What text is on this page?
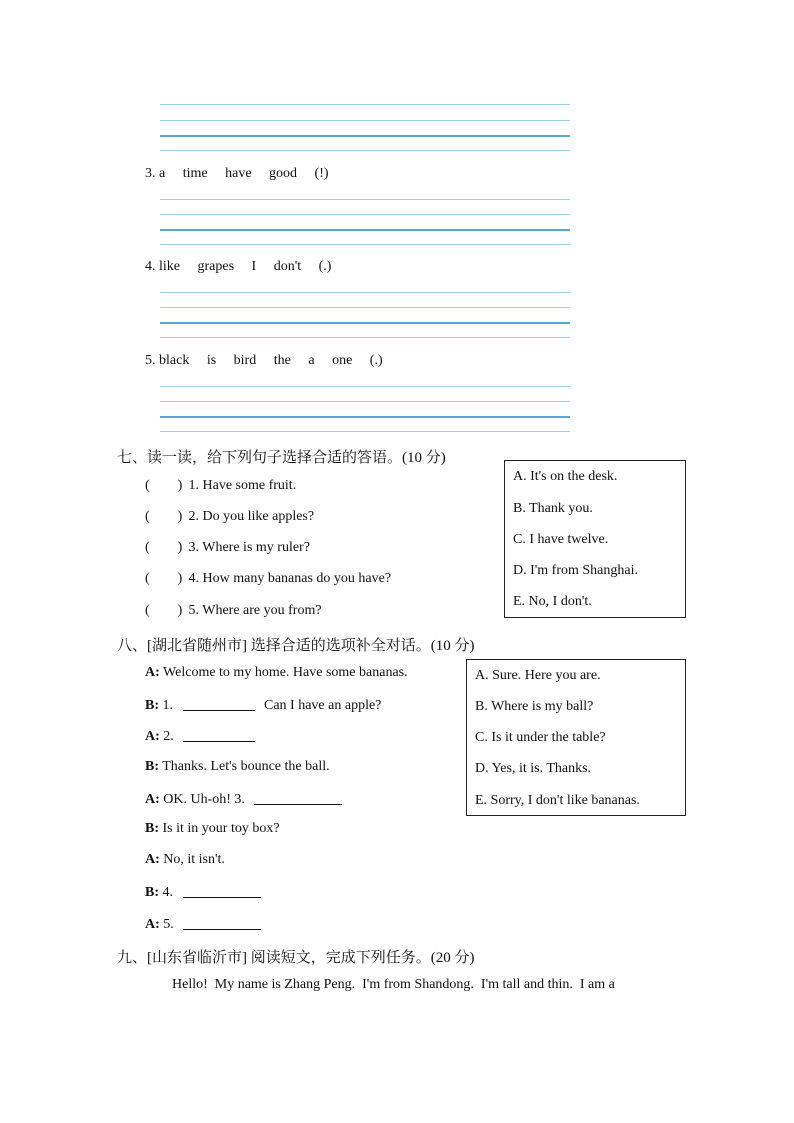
3. a time have good (!)
4. like grapes I don't (.)
5. black is bird the a one (.)
七、读一读，给下列句子选择合适的答语。(10 分)
( ) 1. Have some fruit.
( ) 2. Do you like apples?
( ) 3. Where is my ruler?
( ) 4. How many bananas do you have?
( ) 5. Where are you from?
A. It's on the desk.
B. Thank you.
C. I have twelve.
D. I'm from Shanghai.
E. No, I don't.
八、[湖北省随州市] 选择合适的选项补全对话。(10 分)
A: Welcome to my home. Have some bananas.
B: 1.	Can I have an apple?
A: 2.
B: Thanks. Let's bounce the ball.
A: OK. Uh-oh! 3.
B: Is it in your toy box?
A: No, it isn't.
B: 4.
A: 5.
A. Sure. Here you are.
B. Where is my ball?
C. Is it under the table?
D. Yes, it is. Thanks.
E. Sorry, I don't like bananas.
九、[山东省临沂市] 阅读短文，完成下列任务。(20 分)
Hello!  My name is Zhang Peng.  I'm from Shandong.  I'm tall and thin.  I am a
